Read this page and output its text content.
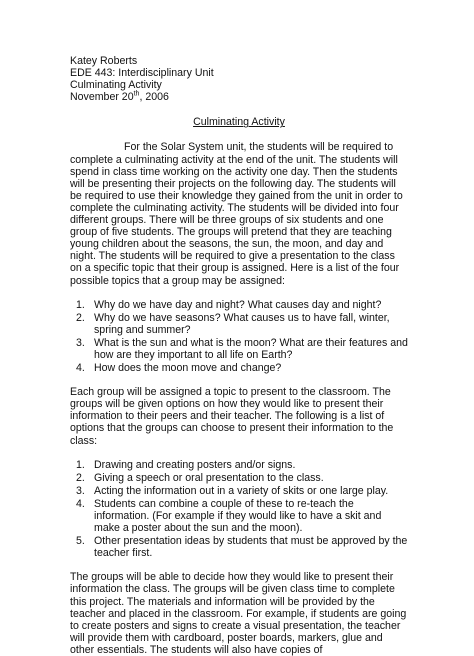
Katey Roberts
EDE 443: Interdisciplinary Unit
Culminating Activity
November 20th, 2006
Culminating Activity

For the Solar System unit, the students will be required to complete a culminating activity at the end of the unit. The students will spend in class time working on the activity one day. Then the students will be presenting their projects on the following day. The students will be required to use their knowledge they gained from the unit in order to complete the culminating activity. The students will be divided into four different groups. There will be three groups of six students and one group of five students. The groups will pretend that they are teaching young children about the seasons, the sun, the moon, and day and night. The students will be required to give a presentation to the class on a specific topic that their group is assigned. Here is a list of the four possible topics that a group may be assigned:

1. Why do we have day and night? What causes day and night?
2. Why do we have seasons? What causes us to have fall, winter, spring and summer?
3. What is the sun and what is the moon? What are their features and how are they important to all life on Earth?
4. How does the moon move and change?

Each group will be assigned a topic to present to the classroom. The groups will be given options on how they would like to present their information to their peers and their teacher. The following is a list of options that the groups can choose to present their information to the class:

1. Drawing and creating posters and/or signs.
2. Giving a speech or oral presentation to the class.
3. Acting the information out in a variety of skits or one large play.
4. Students can combine a couple of these to re-teach the information. (For example if they would like to have a skit and make a poster about the sun and the moon).
5. Other presentation ideas by students that must be approved by the teacher first.

The groups will be able to decide how they would like to present their information the class. The groups will be given class time to complete this project. The materials and information will be provided by the teacher and placed in the classroom. For example, if students are going to create posters and signs to create a visual presentation, the teacher will provide them with cardboard, poster boards, markers, glue and other essentials. The students will also have copies of
